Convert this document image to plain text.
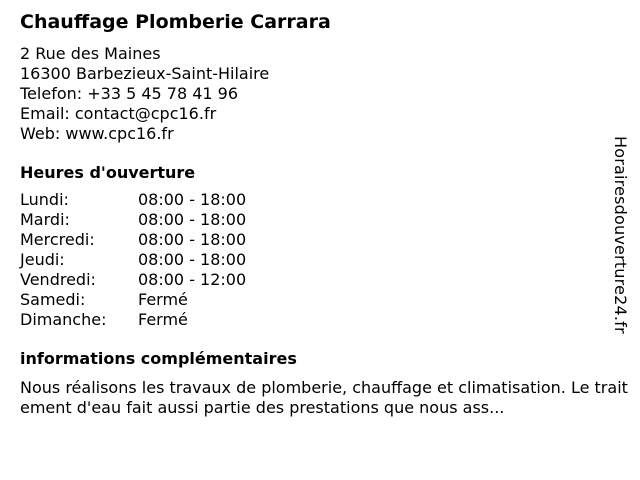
Chauffage Plomberie Carrara
2 Rue des Maines
16300 Barbezieux-Saint-Hilaire
Telefon: +33 5 45 78 41 96
Email: contact@cpc16.fr
Web: www.cpc16.fr
Heures d'ouverture
Lundi:	08:00 - 18:00
Mardi:	08:00 - 18:00
Mercredi:	08:00 - 18:00
Jeudi:	08:00 - 18:00
Vendredi:	08:00 - 12:00
Samedi:	Fermé
Dimanche:	Fermé
informations complémentaires
Nous réalisons les travaux de plomberie, chauffage et climatisation. Le traitement d'eau fait aussi partie des prestations que nous ass...
Horairesdouverture24.fr
